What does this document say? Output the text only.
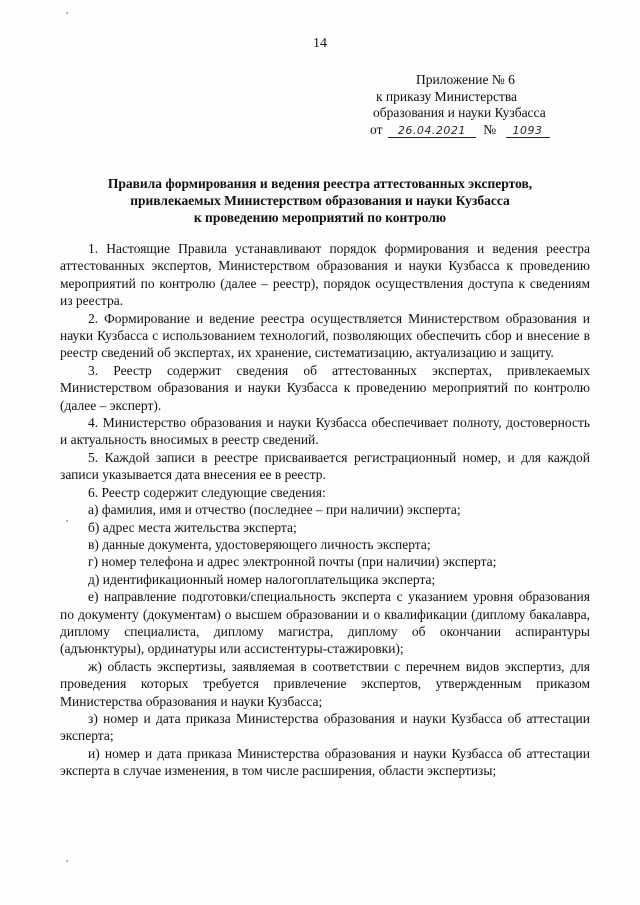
14
Приложение № 6
к приказу Министерства
образования и науки Кузбасса
от 26.04.2021 № 1093
Правила формирования и ведения реестра аттестованных экспертов,
привлекаемых Министерством образования и науки Кузбасса
к проведению мероприятий по контролю

1. Настоящие Правила устанавливают порядок формирования и ведения реестра аттестованных экспертов, Министерством образования и науки Кузбасса к проведению мероприятий по контролю (далее – реестр), порядок осуществления доступа к сведениям из реестра.

2. Формирование и ведение реестра осуществляется Министерством образования и науки Кузбасса с использованием технологий, позволяющих обеспечить сбор и внесение в реестр сведений об экспертах, их хранение, систематизацию, актуализацию и защиту.

3. Реестр содержит сведения об аттестованных экспертах, привлекаемых Министерством образования и науки Кузбасса к проведению мероприятий по контролю (далее – эксперт).

4. Министерство образования и науки Кузбасса обеспечивает полноту, достоверность и актуальность вносимых в реестр сведений.

5. Каждой записи в реестре присваивается регистрационный номер, и для каждой записи указывается дата внесения ее в реестр.

6. Реестр содержит следующие сведения:

а) фамилия, имя и отчество (последнее – при наличии) эксперта;

б) адрес места жительства эксперта;

в) данные документа, удостоверяющего личность эксперта;

г) номер телефона и адрес электронной почты (при наличии) эксперта;

д) идентификационный номер налогоплательщика эксперта;

е) направление подготовки/специальность эксперта с указанием уровня образования по документу (документам) о высшем образовании и о квалификации (диплому бакалавра, диплому специалиста, диплому магистра, диплому об окончании аспирантуры (адъюнктуры), ординатуры или ассистентуры-стажировки);

ж) область экспертизы, заявляемая в соответствии с перечнем видов экспертиз, для проведения которых требуется привлечение экспертов, утвержденным приказом Министерства образования и науки Кузбасса;

з) номер и дата приказа Министерства образования и науки Кузбасса об аттестации эксперта;

и) номер и дата приказа Министерства образования и науки Кузбасса об аттестации эксперта в случае изменения, в том числе расширения, области экспертизы;
